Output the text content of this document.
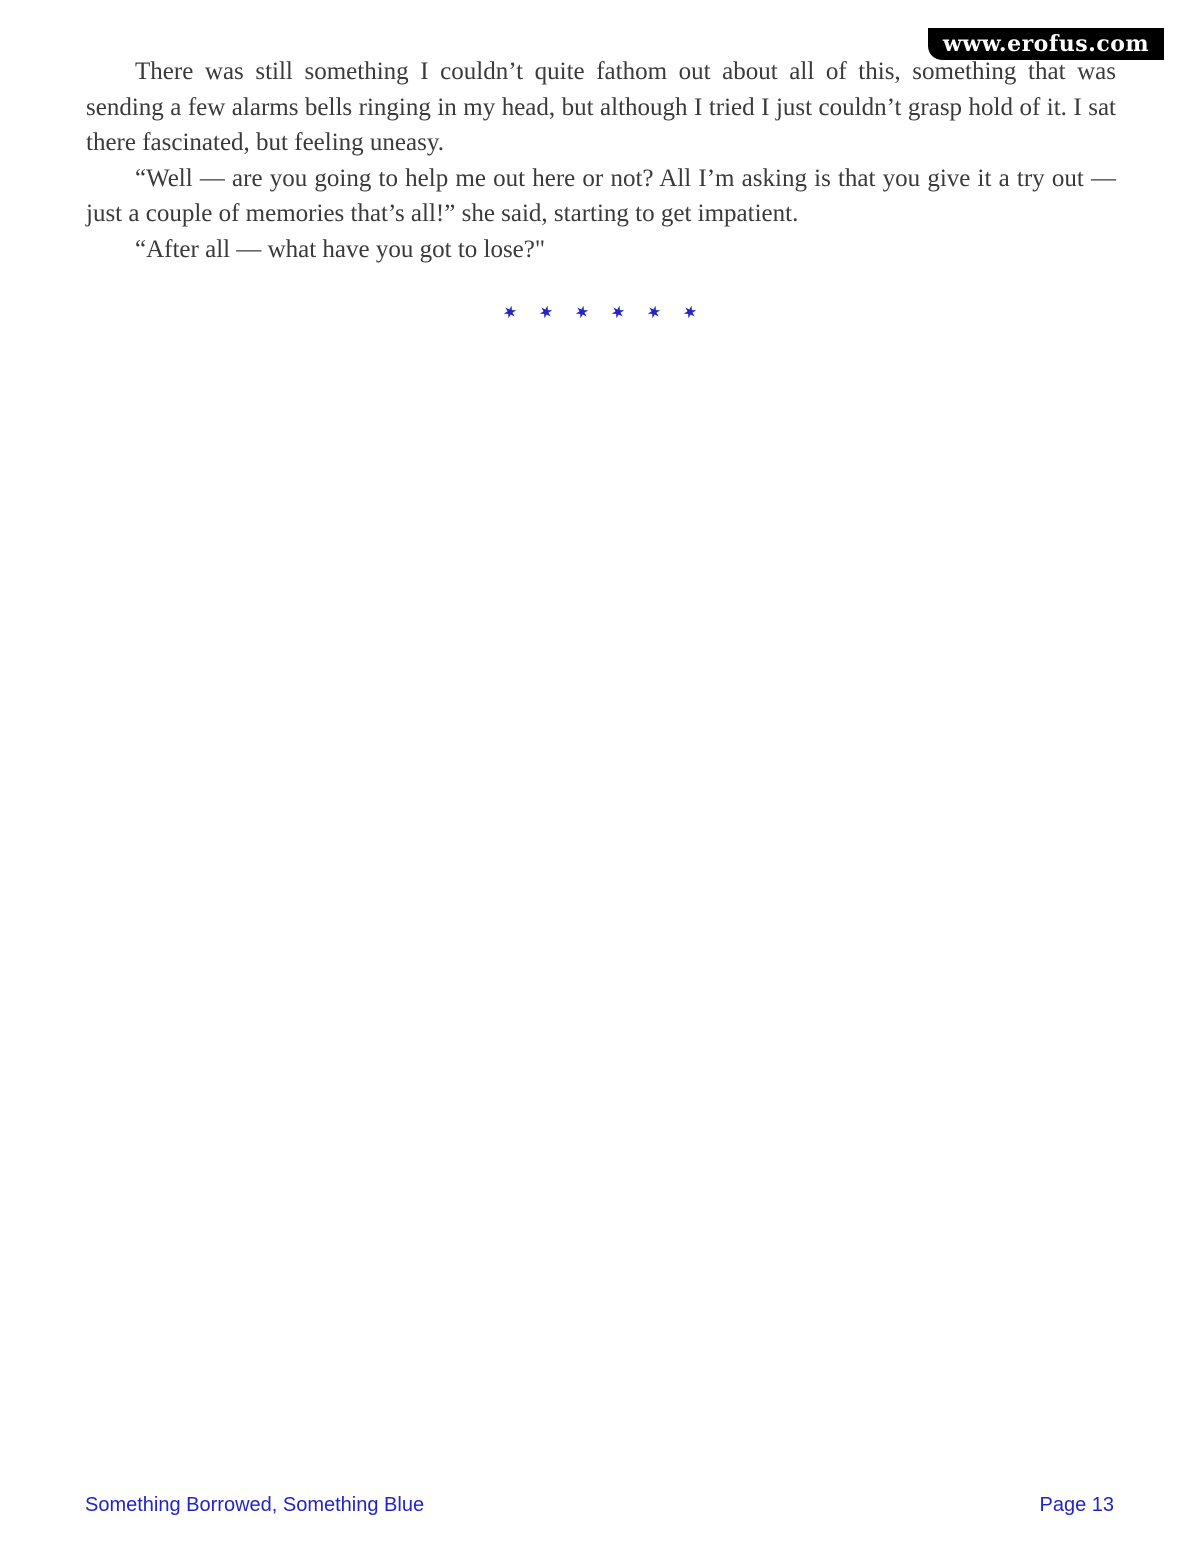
www.erofus.com

There was still something I couldn’t quite fathom out about all of this, something that was sending a few alarms bells ringing in my head, but although I tried I just couldn’t grasp hold of it. I sat there fascinated, but feeling uneasy.

“Well — are you going to help me out here or not? All I’m asking is that you give it a try out — just a couple of memories that’s all!” she said, starting to get impatient.

“After all — what have you got to lose?"

Something Borrowed, Something Blue	Page 13
